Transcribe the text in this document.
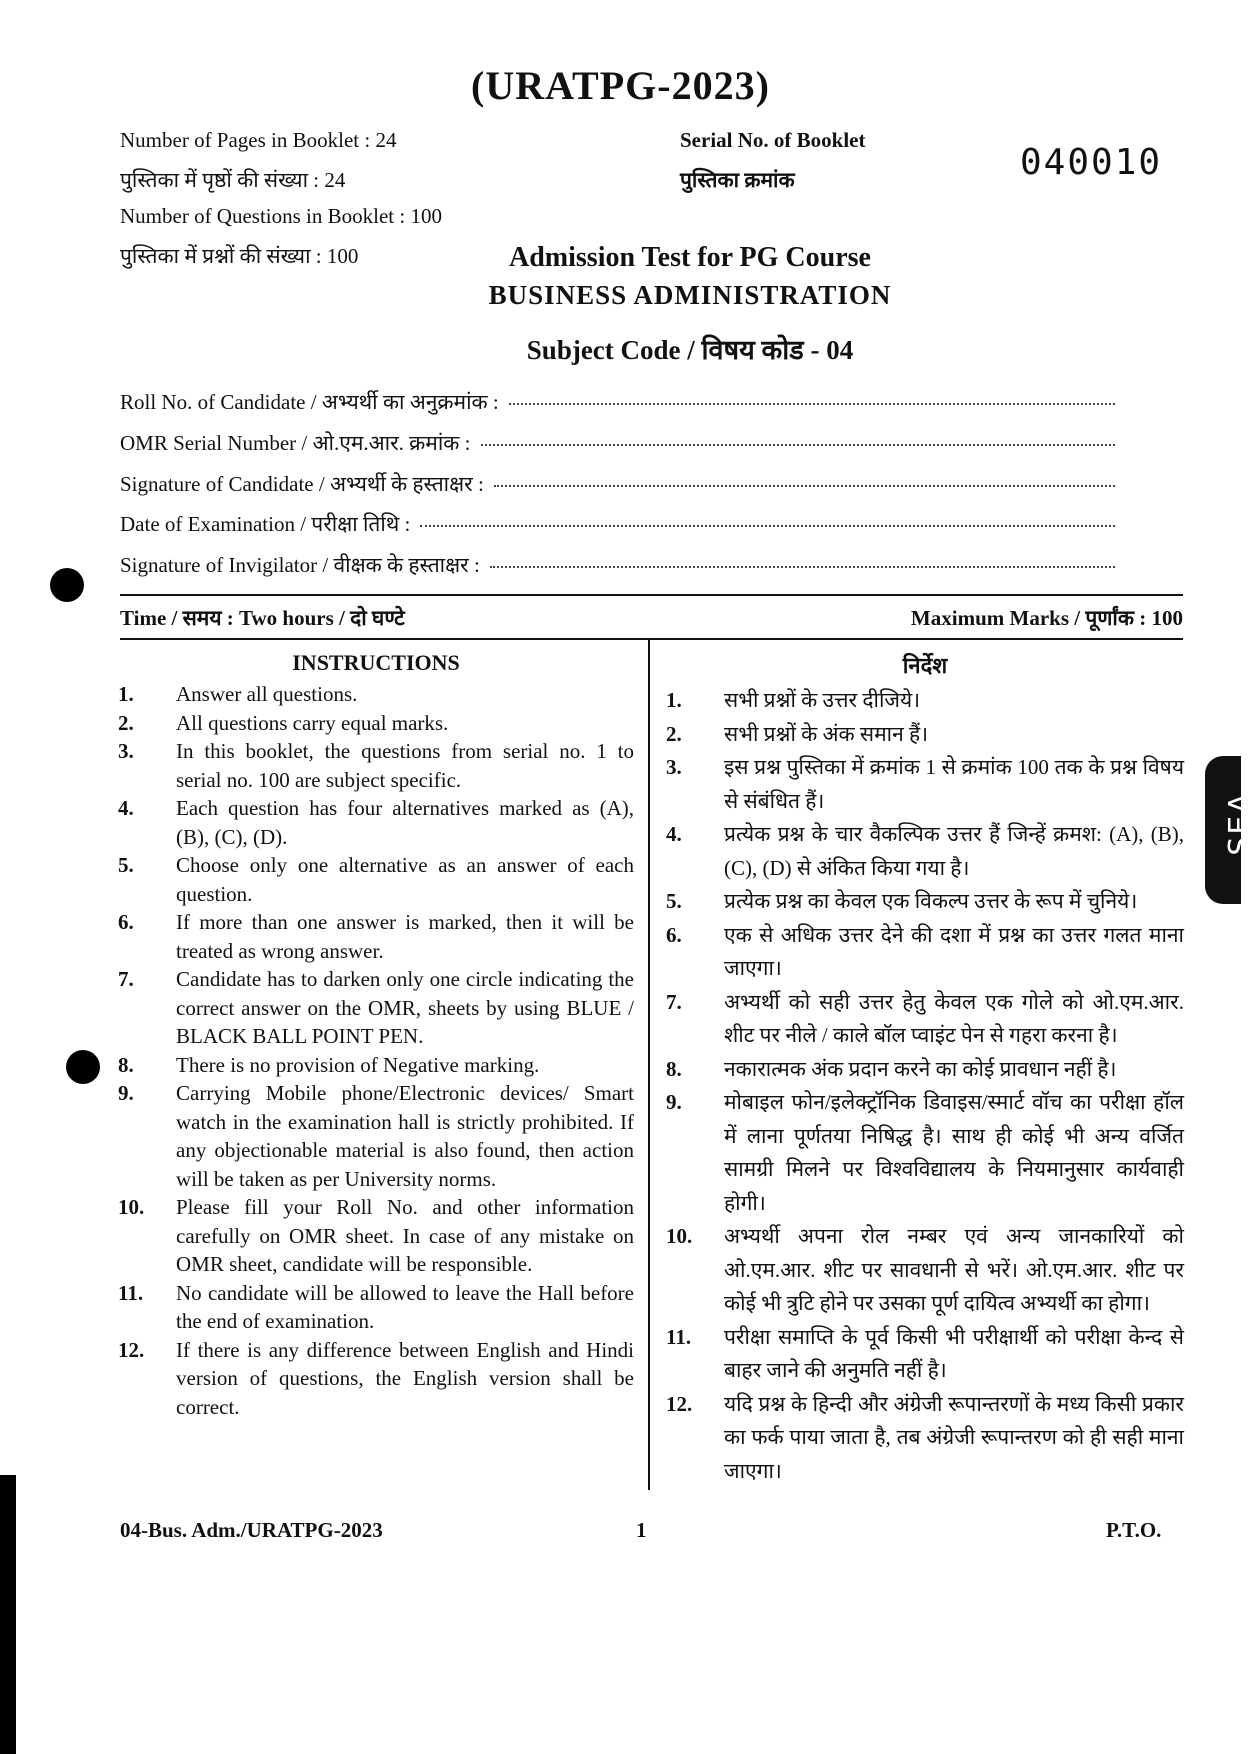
(URATPG-2023)
Number of Pages in Booklet : 24
पुस्तिका में पृष्ठों की संख्या : 24
Number of Questions in Booklet : 100
पुस्तिका में प्रश्नों की संख्या : 100
Serial No. of Booklet
पुस्तिका क्रमांक	040010
Admission Test for PG Course
BUSINESS ADMINISTRATION
Subject Code / विषय कोड - 04
Roll No. of Candidate / अभ्यर्थी का अनुक्रमांक :
OMR Serial Number / ओ.एम.आर. क्रमांक :
Signature of Candidate / अभ्यर्थी के हस्ताक्षर :
Date of Examination / परीक्षा तिथि :
Signature of Invigilator / वीक्षक के हस्ताक्षर :
Time / समय : Two hours / दो घण्टे	Maximum Marks / पूर्णांक : 100
INSTRUCTIONS
1.	Answer all questions.
2.	All questions carry equal marks.
3.	In this booklet, the questions from serial no. 1 to serial no. 100 are subject specific.
4.	Each question has four alternatives marked as (A), (B), (C), (D).
5.	Choose only one alternative as an answer of each question.
6.	If more than one answer is marked, then it will be treated as wrong answer.
7.	Candidate has to darken only one circle indicating the correct answer on the OMR, sheets by using BLUE / BLACK BALL POINT PEN.
8.	There is no provision of Negative marking.
9.	Carrying Mobile phone/Electronic devices/ Smart watch in the examination hall is strictly prohibited. If any objectionable material is also found, then action will be taken as per University norms.
10.	Please fill your Roll No. and other information carefully on OMR sheet. In case of any mistake on OMR sheet, candidate will be responsible.
11.	No candidate will be allowed to leave the Hall before the end of examination.
12.	If there is any difference between English and Hindi version of questions, the English version shall be correct.
निर्देश
1.	सभी प्रश्नों के उत्तर दीजिये।
2.	सभी प्रश्नों के अंक समान हैं।
3.	इस प्रश्न पुस्तिका में क्रमांक 1 से क्रमांक 100 तक के प्रश्न विषय से संबंधित हैं।
4.	प्रत्येक प्रश्न के चार वैकल्पिक उत्तर हैं जिन्हें क्रमश: (A), (B), (C), (D) से अंकित किया गया है।
5.	प्रत्येक प्रश्न का केवल एक विकल्प उत्तर के रूप में चुनिये।
6.	एक से अधिक उत्तर देने की दशा में प्रश्न का उत्तर गलत माना जाएगा।
7.	अभ्यर्थी को सही उत्तर हेतु केवल एक गोले को ओ.एम.आर. शीट पर नीले / काले बॉल प्वाइंट पेन से गहरा करना है।
8.	नकारात्मक अंक प्रदान करने का कोई प्रावधान नहीं है।
9.	मोबाइल फोन/इलेक्ट्रॉनिक डिवाइस/स्मार्ट वॉच का परीक्षा हॉल में लाना पूर्णतया निषिद्ध है। साथ ही कोई भी अन्य वर्जित सामग्री मिलने पर विश्वविद्यालय के नियमानुसार कार्यवाही होगी।
10.	अभ्यर्थी अपना रोल नम्बर एवं अन्य जानकारियों को ओ.एम.आर. शीट पर सावधानी से भरें। ओ.एम.आर. शीट पर कोई भी त्रुटि होने पर उसका पूर्ण दायित्व अभ्यर्थी का होगा।
11.	परीक्षा समाप्ति के पूर्व किसी भी परीक्षार्थी को परीक्षा केन्द से बाहर जाने की अनुमति नहीं है।
12.	यदि प्रश्न के हिन्दी और अंग्रेजी रूपान्तरणों के मध्य किसी प्रकार का फर्क पाया जाता है, तब अंग्रेजी रूपान्तरण को ही सही माना जाएगा।
04-Bus. Adm./URATPG-2023	1	P.T.O.
SEA
